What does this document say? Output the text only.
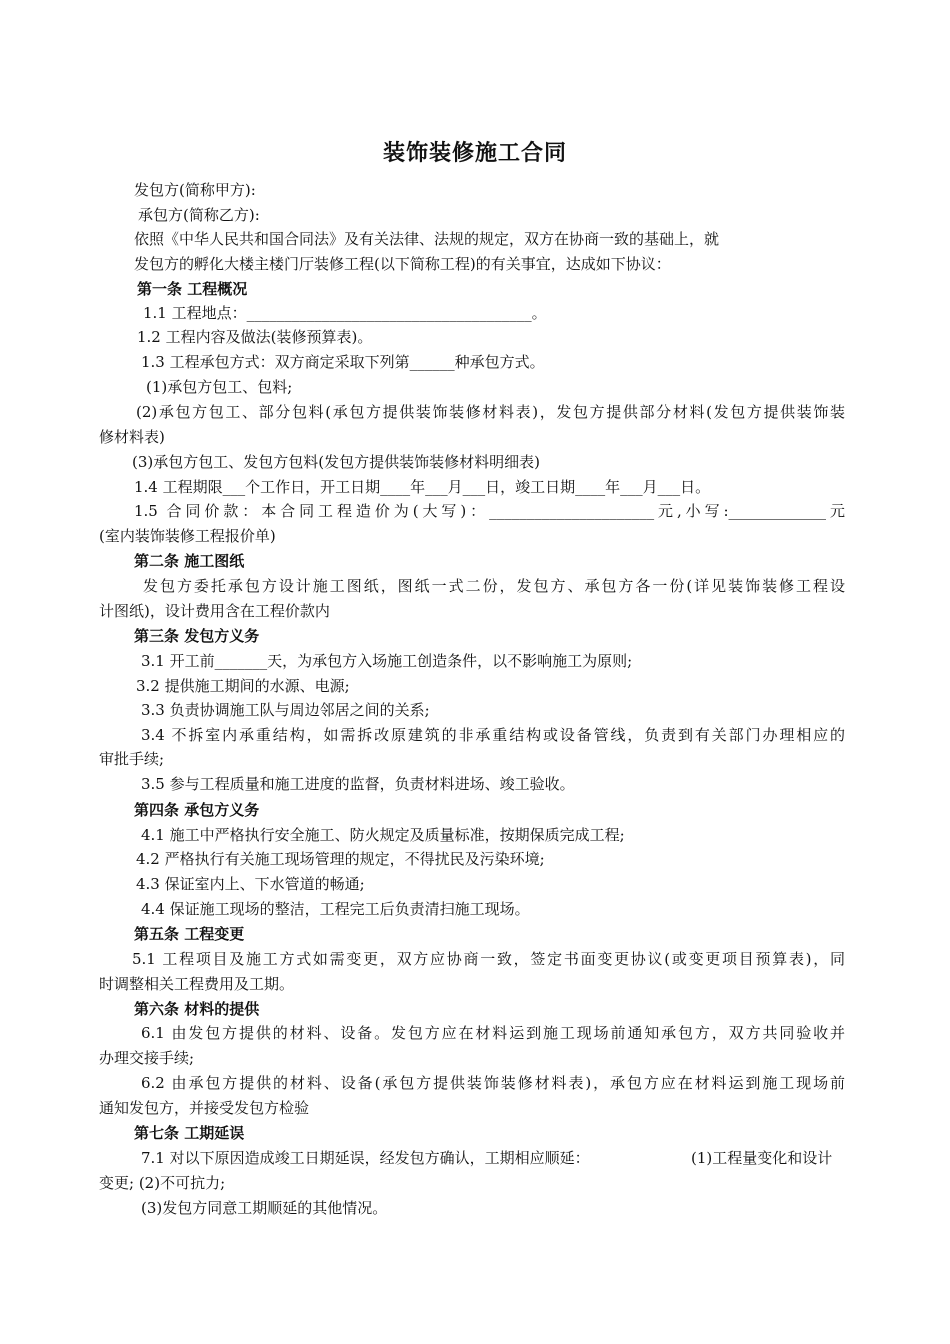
装饰装修施工合同
发包方(简称甲方):
承包方(简称乙方):
依照《中华人民共和国合同法》及有关法律、法规的规定，双方在协商一致的基础上，就
发包方的孵化大楼主楼门厅装修工程(以下简称工程)的有关事宜，达成如下协议：
第一条 工程概况
1.1 工程地点：______________________________________。
1.2 工程内容及做法(装修预算表)。
1.3 工程承包方式：双方商定采取下列第______种承包方式。
(1)承包方包工、包料;
(2)承包方包工、部分包料(承包方提供装饰装修材料表)，发包方提供部分材料(发包方提供装饰装
修材料表)
(3)承包方包工、发包方包料(发包方提供装饰装修材料明细表)
1.4 工程期限___个工作日，开工日期____年___月___日，竣工日期____年___月___日。
1.5 合同价款：本合同工程造价为(大写)：______________________元,小写:_____________元
(室内装饰装修工程报价单)
第二条 施工图纸
发包方委托承包方设计施工图纸，图纸一式二份，发包方、承包方各一份(详见装饰装修工程设
计图纸)，设计费用含在工程价款内
第三条 发包方义务
3.1 开工前_______天，为承包方入场施工创造条件，以不影响施工为原则;
3.2 提供施工期间的水源、电源;
3.3 负责协调施工队与周边邻居之间的关系;
3.4 不拆室内承重结构，如需拆改原建筑的非承重结构或设备管线，负责到有关部门办理相应的
审批手续;
3.5 参与工程质量和施工进度的监督，负责材料进场、竣工验收。
第四条 承包方义务
4.1 施工中严格执行安全施工、防火规定及质量标准，按期保质完成工程;
4.2 严格执行有关施工现场管理的规定，不得扰民及污染环境;
4.3 保证室内上、下水管道的畅通;
4.4 保证施工现场的整洁，工程完工后负责清扫施工现场。
第五条 工程变更
5.1 工程项目及施工方式如需变更，双方应协商一致，签定书面变更协议(或变更项目预算表)，同
时调整相关工程费用及工期。
第六条 材料的提供
6.1 由发包方提供的材料、设备。发包方应在材料运到施工现场前通知承包方，双方共同验收并
办理交接手续;
6.2 由承包方提供的材料、设备(承包方提供装饰装修材料表)，承包方应在材料运到施工现场前
通知发包方，并接受发包方检验
第七条 工期延误
7.1 对以下原因造成竣工日期延误，经发包方确认，工期相应顺延：	(1)工程量变化和设计
变更; (2)不可抗力;
(3)发包方同意工期顺延的其他情况。
